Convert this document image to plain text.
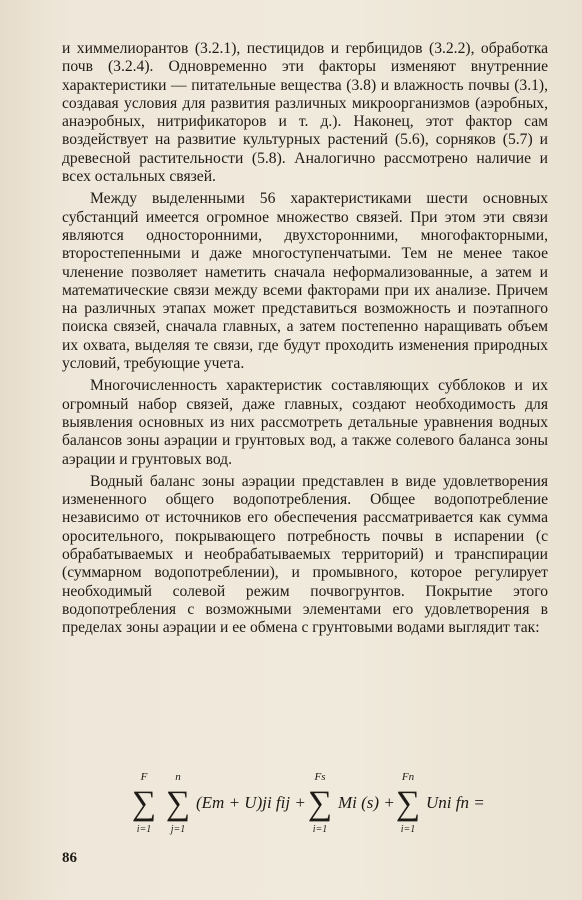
и химмелиорантов (3.2.1), пестицидов и гербицидов (3.2.2), обработка почв (3.2.4). Одновременно эти факторы изменяют внутренние характеристики — питательные вещества (3.8) и влажность почвы (3.1), создавая условия для развития различных микроорганизмов (аэробных, анаэробных, нитрификаторов и т. д.). Наконец, этот фактор сам воздействует на развитие культурных растений (5.6), сорняков (5.7) и древесной растительности (5.8). Аналогично рассмотрено наличие и всех остальных связей.

Между выделенными 56 характеристиками шести основных субстанций имеется огромное множество связей. При этом эти связи являются односторонними, двухсторонними, многофакторными, второстепенными и даже многоступенчатыми. Тем не менее такое членение позволяет наметить сначала неформализованные, а затем и математические связи между всеми факторами при их анализе. Причем на различных этапах может представиться возможность и поэтапного поиска связей, сначала главных, а затем постепенно наращивать объем их охвата, выделяя те связи, где будут проходить изменения природных условий, требующие учета.

Многочисленность характеристик составляющих субблоков и их огромный набор связей, даже главных, создают необходимость для выявления основных из них рассмотреть детальные уравнения водных балансов зоны аэрации и грунтовых вод, а также солевого баланса зоны аэрации и грунтовых вод.

Водный баланс зоны аэрации представлен в виде удовлетворения измененного общего водопотребления. Общее водопотребление независимо от источников его обеспечения рассматривается как сумма оросительного, покрывающего потребность почвы в испарении (с обрабатываемых и необрабатываемых территорий) и транспирации (суммарном водопотреблении), и промывного, которое регулирует необходимый солевой режим почвогрунтов. Покрытие этого водопотребления с возможными элементами его удовлетворения в пределах зоны аэрации и ее обмена с грунтовыми водами выглядит так:

F
∑
i=1
n
∑
j=1
(Eт + U)ji fij +
Fs
∑
i=1
Mi (s) +
Fn
∑
i=1
Uni fn =
86
